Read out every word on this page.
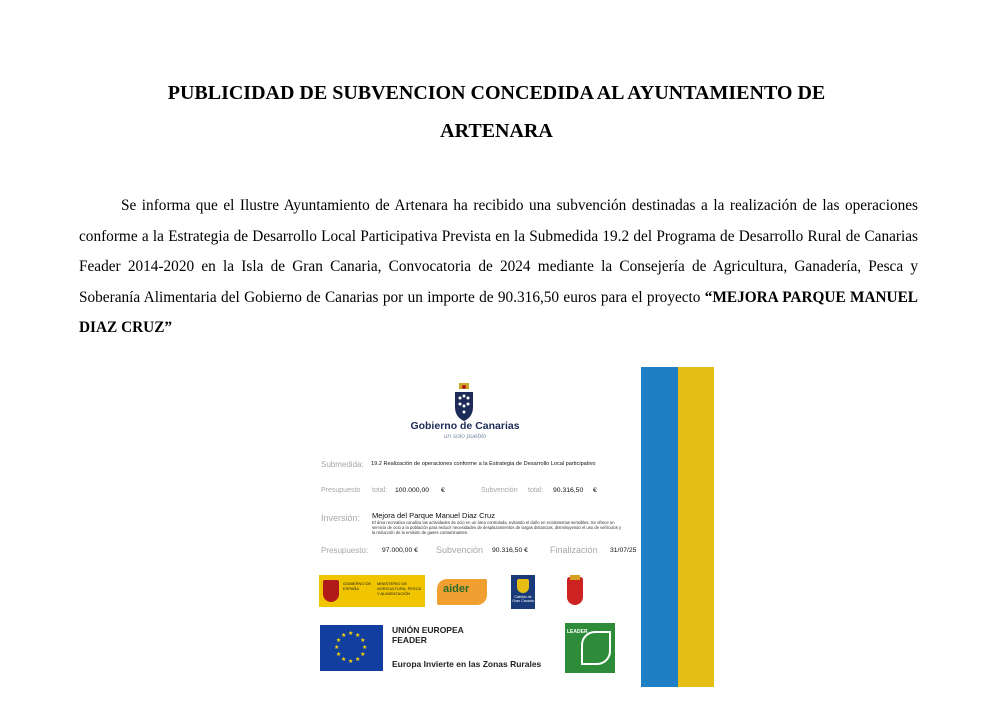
PUBLICIDAD DE SUBVENCION CONCEDIDA AL AYUNTAMIENTO DE
ARTENARA

Se informa que el Ilustre Ayuntamiento de Artenara ha recibido una subvención destinadas a la realización de las operaciones conforme a la Estrategia de Desarrollo Local Participativa Prevista en la Submedida 19.2 del Programa de Desarrollo Rural de Canarias Feader 2014-2020 en la Isla de Gran Canaria, Convocatoria de 2024 mediante la Consejería de Agricultura, Ganadería, Pesca y Soberanía Alimentaria del Gobierno de Canarias por un importe de 90.316,50 euros para el proyecto “MEJORA PARQUE MANUEL DIAZ CRUZ”

Gobierno de Canarias
un solo pueblo
Submedida: 19.2 Realización de operaciones conforme a la Estrategia de Desarrollo Local participativo
Presupuesto total: 100.000,00 €	Subvención total: 90.316,50 €
Inversión: Mejora del Parque Manuel Diaz Cruz
El área recreativa canaliza las actividades de ocio en un área controlada, evitando el daño en ecosistemas sensibles. Se ofrece un servicio de ocio a la población para reducir necesidades de desplazamientos de largas distancias, disminuyendo el uso de vehículos y la reducción de la emisión de gases contaminantes.
Presupuesto: 97.000,00 € Subvención 90.316,50 € Finalización 31/07/25
GOBIERNO DE ESPAÑA
MINISTERIO DE AGRICULTURA, PESCA Y ALIMENTACIÓN	aider
Cabildo de Gran Canaria
★
★
★
★
★
★
★
★
★ ★ ★
★
UNIÓN EUROPEA
FEADER
Europa Invierte en las Zonas Rurales
LEADER
